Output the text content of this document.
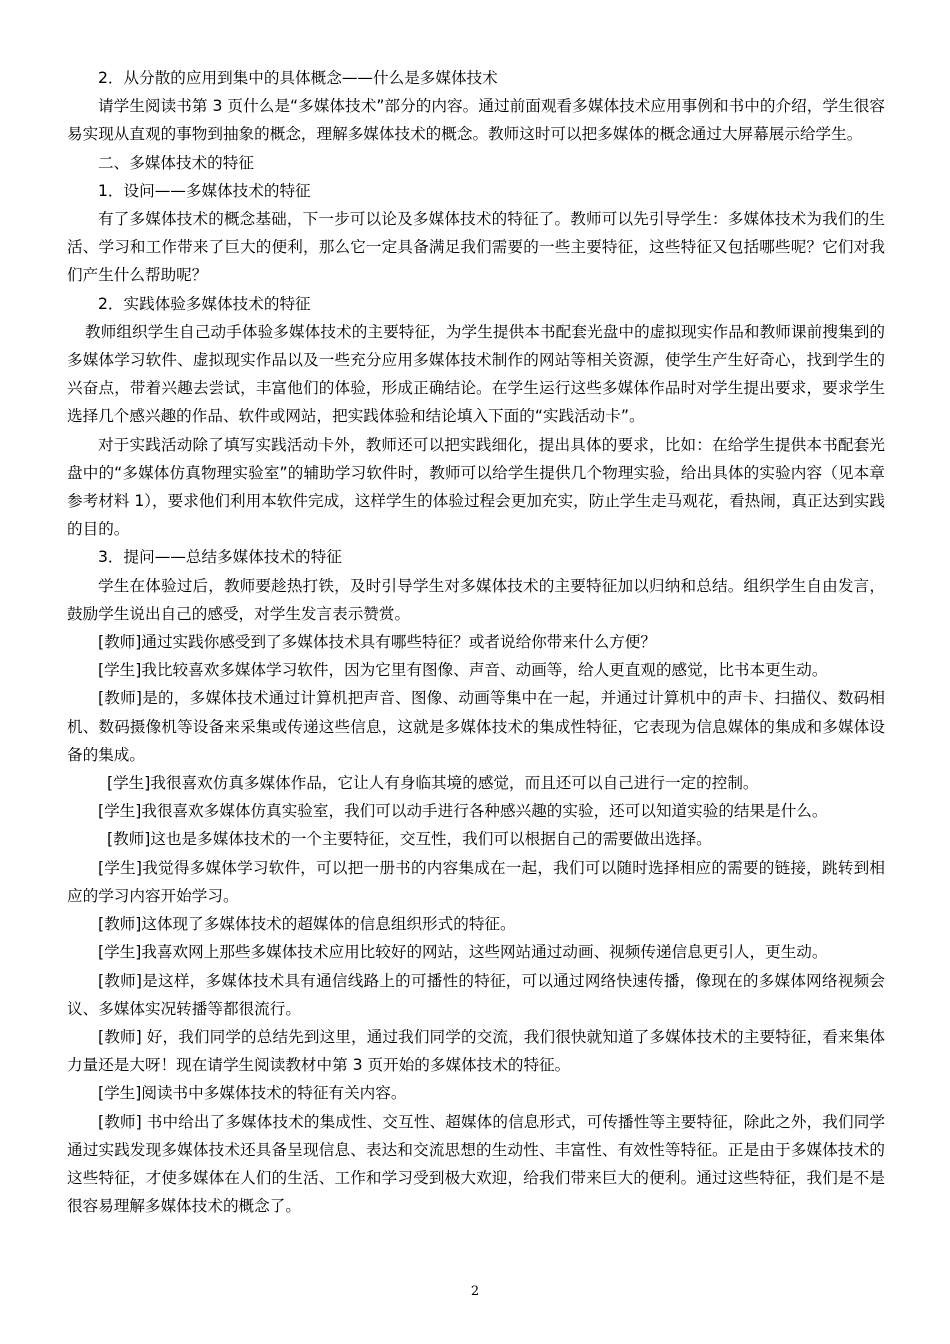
2．从分散的应用到集中的具体概念——什么是多媒体技术

请学生阅读书第 3 页什么是“多媒体技术”部分的内容。通过前面观看多媒体技术应用事例和书中的介绍，学生很容易实现从直观的事物到抽象的概念，理解多媒体技术的概念。教师这时可以把多媒体的概念通过大屏幕展示给学生。

二、多媒体技术的特征

1．设问——多媒体技术的特征

有了多媒体技术的概念基础，下一步可以论及多媒体技术的特征了。教师可以先引导学生：多媒体技术为我们的生活、学习和工作带来了巨大的便利，那么它一定具备满足我们需要的一些主要特征，这些特征又包括哪些呢？它们对我们产生什么帮助呢？

2．实践体验多媒体技术的特征

教师组织学生自己动手体验多媒体技术的主要特征，为学生提供本书配套光盘中的虚拟现实作品和教师课前搜集到的多媒体学习软件、虚拟现实作品以及一些充分应用多媒体技术制作的网站等相关资源，使学生产生好奇心，找到学生的兴奋点，带着兴趣去尝试，丰富他们的体验，形成正确结论。在学生运行这些多媒体作品时对学生提出要求，要求学生选择几个感兴趣的作品、软件或网站，把实践体验和结论填入下面的“实践活动卡”。

对于实践活动除了填写实践活动卡外，教师还可以把实践细化，提出具体的要求，比如：在给学生提供本书配套光盘中的“多媒体仿真物理实验室”的辅助学习软件时，教师可以给学生提供几个物理实验，给出具体的实验内容（见本章参考材料 1），要求他们利用本软件完成，这样学生的体验过程会更加充实，防止学生走马观花，看热闹，真正达到实践的目的。

3．提问——总结多媒体技术的特征

学生在体验过后，教师要趁热打铁，及时引导学生对多媒体技术的主要特征加以归纳和总结。组织学生自由发言，鼓励学生说出自己的感受，对学生发言表示赞赏。

[教师]通过实践你感受到了多媒体技术具有哪些特征？或者说给你带来什么方便？

[学生]我比较喜欢多媒体学习软件，因为它里有图像、声音、动画等，给人更直观的感觉，比书本更生动。

[教师]是的，多媒体技术通过计算机把声音、图像、动画等集中在一起，并通过计算机中的声卡、扫描仪、数码相机、数码摄像机等设备来采集或传递这些信息，这就是多媒体技术的集成性特征，它表现为信息媒体的集成和多媒体设备的集成。

[学生]我很喜欢仿真多媒体作品，它让人有身临其境的感觉，而且还可以自己进行一定的控制。

[学生]我很喜欢多媒体仿真实验室，我们可以动手进行各种感兴趣的实验，还可以知道实验的结果是什么。

[教师]这也是多媒体技术的一个主要特征，交互性，我们可以根据自己的需要做出选择。

[学生]我觉得多媒体学习软件，可以把一册书的内容集成在一起，我们可以随时选择相应的需要的链接，跳转到相应的学习内容开始学习。

[教师]这体现了多媒体技术的超媒体的信息组织形式的特征。

[学生]我喜欢网上那些多媒体技术应用比较好的网站，这些网站通过动画、视频传递信息更引人，更生动。

[教师]是这样，多媒体技术具有通信线路上的可播性的特征，可以通过网络快速传播，像现在的多媒体网络视频会议、多媒体实况转播等都很流行。

[教师] 好，我们同学的总结先到这里，通过我们同学的交流，我们很快就知道了多媒体技术的主要特征，看来集体力量还是大呀！现在请学生阅读教材中第 3 页开始的多媒体技术的特征。

[学生]阅读书中多媒体技术的特征有关内容。

[教师] 书中给出了多媒体技术的集成性、交互性、超媒体的信息形式，可传播性等主要特征，除此之外，我们同学通过实践发现多媒体技术还具备呈现信息、表达和交流思想的生动性、丰富性、有效性等特征。正是由于多媒体技术的这些特征，才使多媒体在人们的生活、工作和学习受到极大欢迎，给我们带来巨大的便利。通过这些特征，我们是不是很容易理解多媒体技术的概念了。

2
